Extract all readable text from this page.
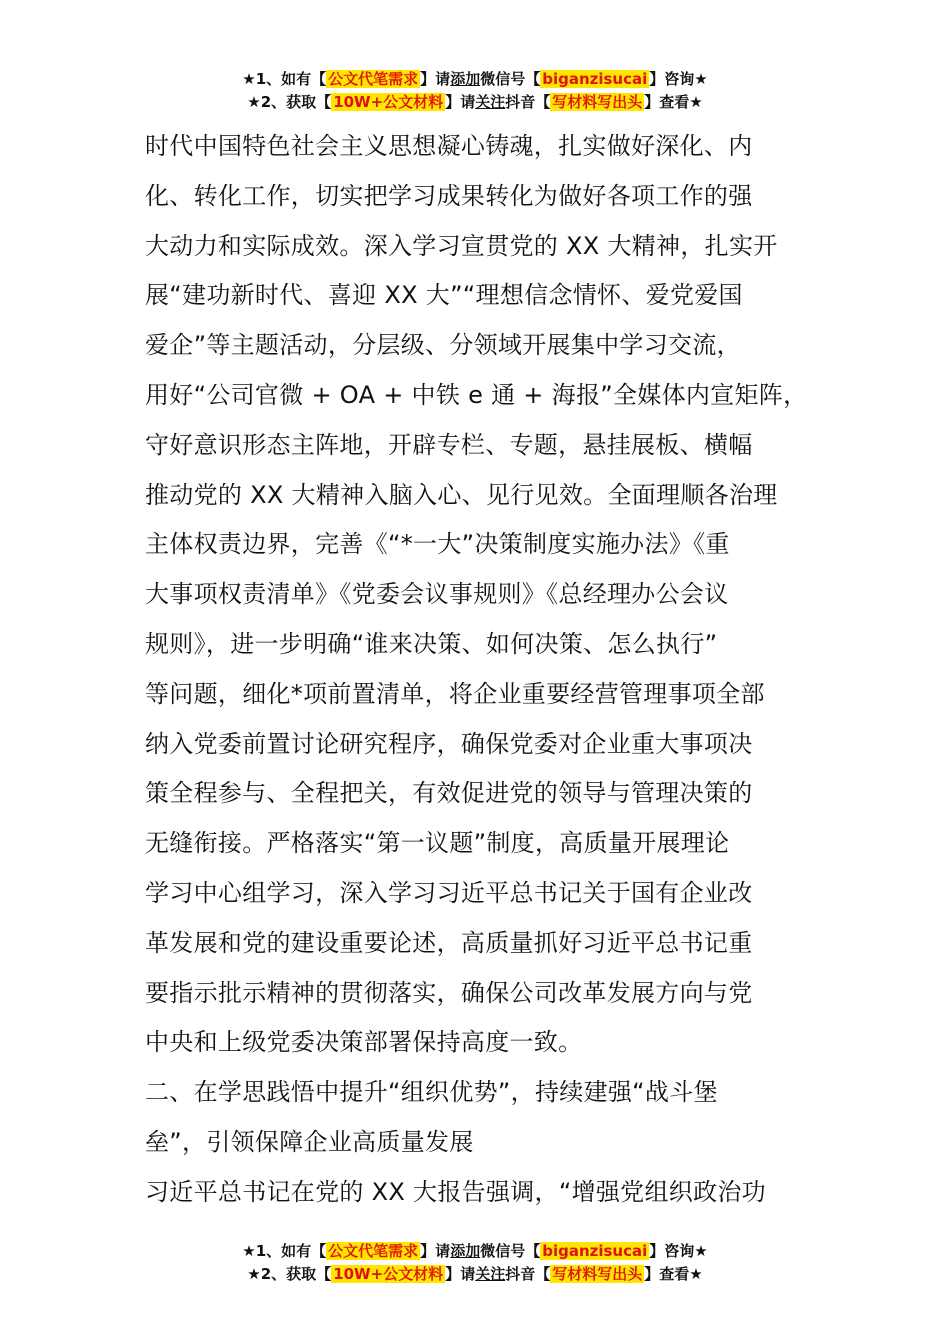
★1、如有【 公文代笔需求 】请添加微信号【 biganzisucai 】咨询★
★2、获取【 10W+公文材料 】请关注抖音【 写材料写出头 】查看★
时代中国特色社会主义思想凝心铸魂，扎实做好深化、内
化、转化工作，切实把学习成果转化为做好各项工作的强
大动力和实际成效。深入学习宣贯党的 XX 大精神，扎实开
展“建功新时代、喜迎 XX 大”“理想信念情怀、爱党爱国
爱企”等主题活动，分层级、分领域开展集中学习交流，
用好“公司官微 + OA + 中铁 e 通 + 海报”全媒体内宣矩阵，
守好意识形态主阵地，开辟专栏、专题，悬挂展板、横幅
推动党的 XX 大精神入脑入心、见行见效。全面理顺各治理
主体权责边界，完善《“*一大”决策制度实施办法》《重
大事项权责清单》《党委会议事规则》《总经理办公会议
规则》，进一步明确“谁来决策、如何决策、怎么执行”
等问题，细化*项前置清单，将企业重要经营管理事项全部
纳入党委前置讨论研究程序，确保党委对企业重大事项决
策全程参与、全程把关，有效促进党的领导与管理决策的
无缝衔接。严格落实“第一议题”制度，高质量开展理论
学习中心组学习，深入学习习近平总书记关于国有企业改
革发展和党的建设重要论述，高质量抓好习近平总书记重
要指示批示精神的贯彻落实，确保公司改革发展方向与党
中央和上级党委决策部署保持高度一致。
二、在学思践悟中提升“组织优势”，持续建强“战斗堡
垒”，引领保障企业高质量发展
习近平总书记在党的 XX 大报告强调，“增强党组织政治功
★1、如有【 公文代笔需求 】请添加微信号【 biganzisucai 】咨询★
★2、获取【 10W+公文材料 】请关注抖音【 写材料写出头 】查看★
